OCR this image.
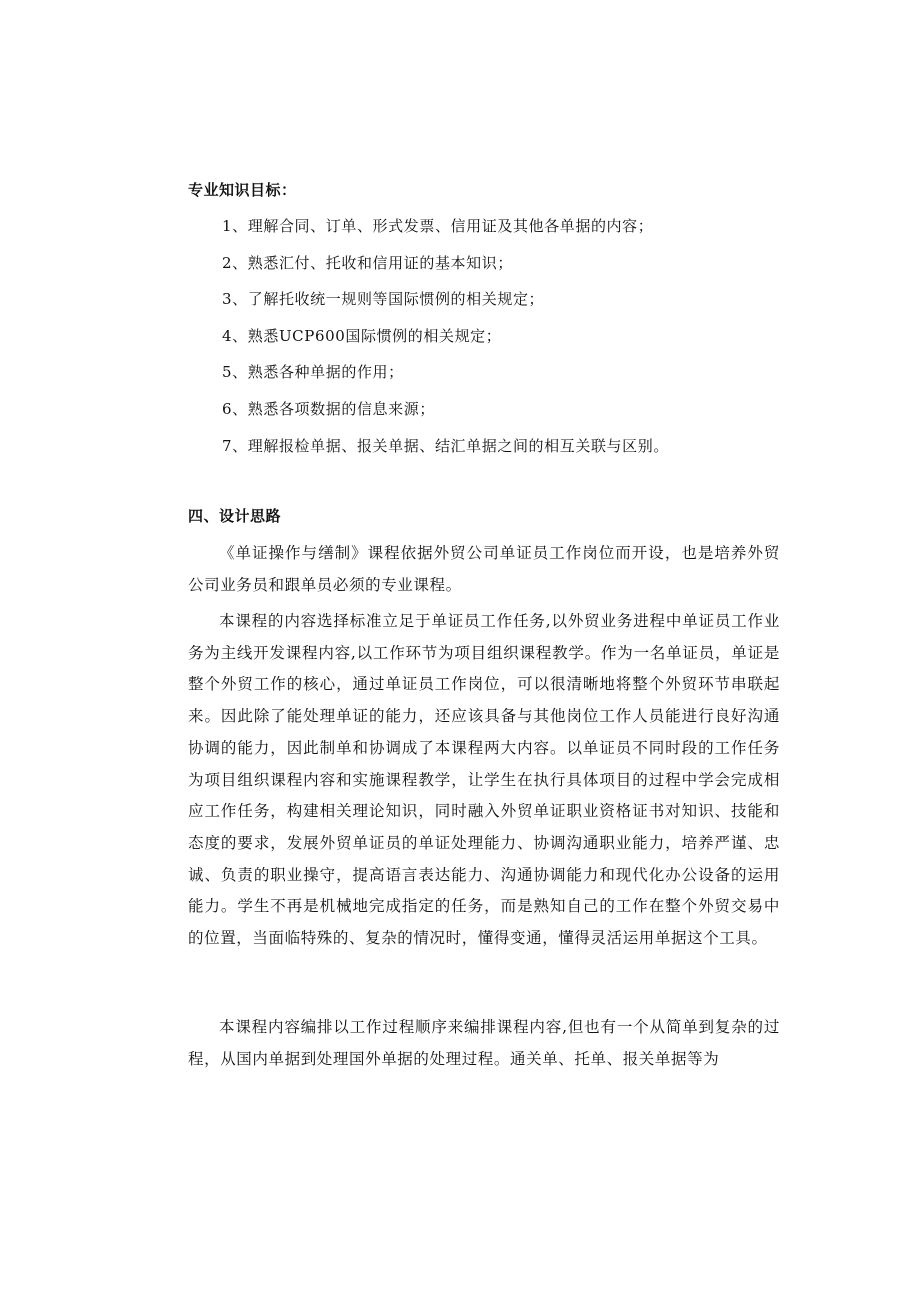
专业知识目标：
1、理解合同、订单、形式发票、信用证及其他各单据的内容；
2、熟悉汇付、托收和信用证的基本知识；
3、了解托收统一规则等国际惯例的相关规定；
4、熟悉UCP600国际惯例的相关规定；
5、熟悉各种单据的作用；
6、熟悉各项数据的信息来源；
7、理解报检单据、报关单据、结汇单据之间的相互关联与区别。
四、设计思路

《单证操作与缮制》课程依据外贸公司单证员工作岗位而开设，也是培养外贸公司业务员和跟单员必须的专业课程。

本课程的内容选择标准立足于单证员工作任务,以外贸业务进程中单证员工作业务为主线开发课程内容,以工作环节为项目组织课程教学。作为一名单证员，单证是整个外贸工作的核心，通过单证员工作岗位，可以很清晰地将整个外贸环节串联起来。因此除了能处理单证的能力，还应该具备与其他岗位工作人员能进行良好沟通协调的能力，因此制单和协调成了本课程两大内容。以单证员不同时段的工作任务为项目组织课程内容和实施课程教学，让学生在执行具体项目的过程中学会完成相应工作任务，构建相关理论知识，同时融入外贸单证职业资格证书对知识、技能和态度的要求，发展外贸单证员的单证处理能力、协调沟通职业能力，培养严谨、忠诚、负责的职业操守，提高语言表达能力、沟通协调能力和现代化办公设备的运用能力。学生不再是机械地完成指定的任务，而是熟知自己的工作在整个外贸交易中的位置，当面临特殊的、复杂的情况时，懂得变通，懂得灵活运用单据这个工具。

本课程内容编排以工作过程顺序来编排课程内容,但也有一个从简单到复杂的过程，从国内单据到处理国外单据的处理过程。通关单、托单、报关单据等为
